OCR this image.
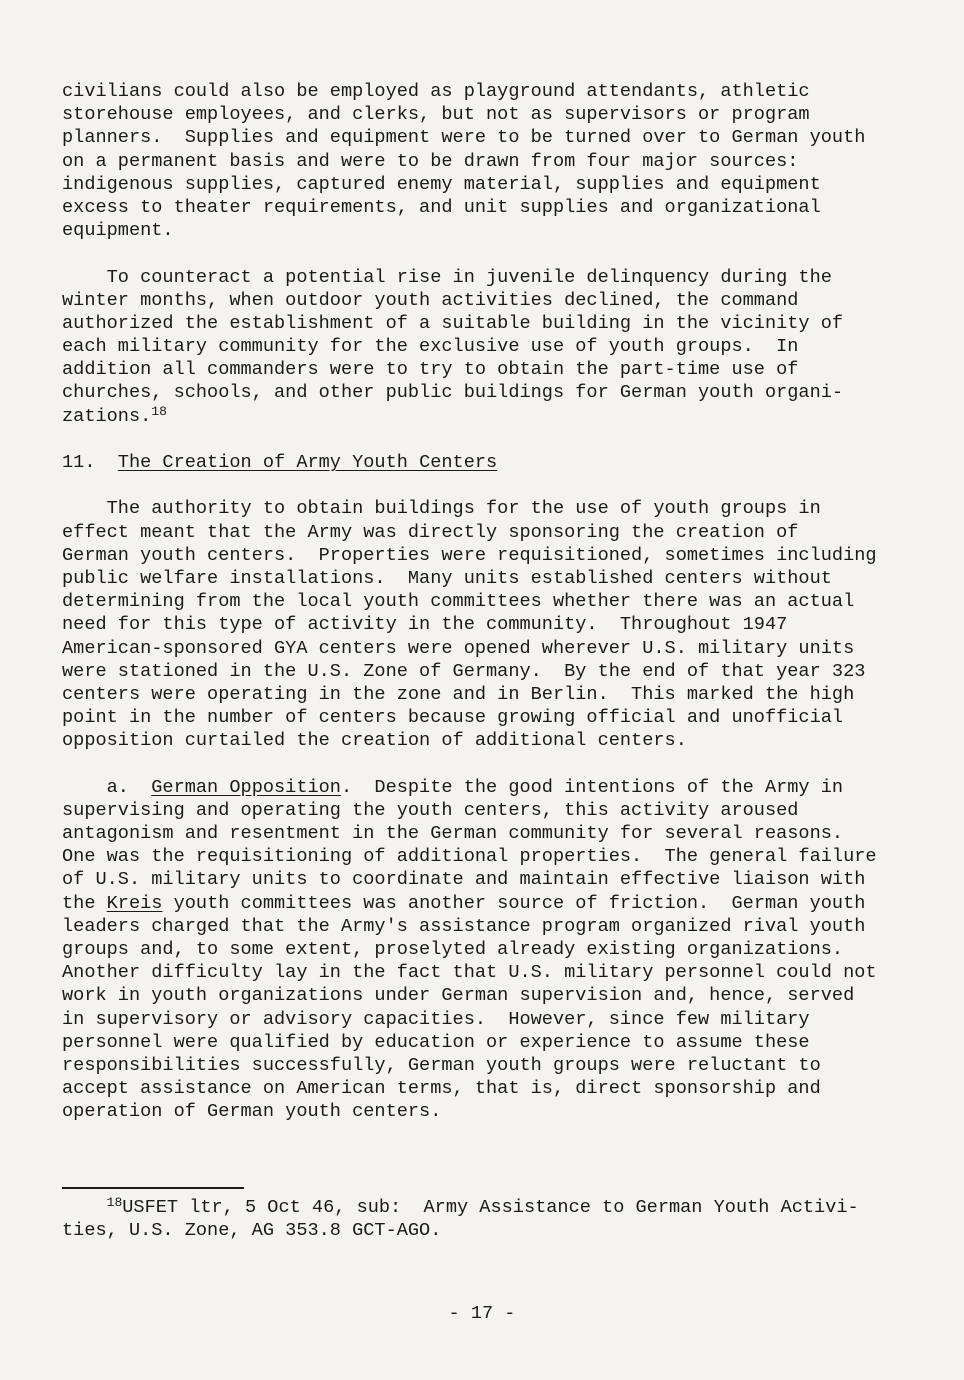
civilians could also be employed as playground attendants, athletic
storehouse employees, and clerks, but not as supervisors or program
planners.  Supplies and equipment were to be turned over to German youth
on a permanent basis and were to be drawn from four major sources:
indigenous supplies, captured enemy material, supplies and equipment
excess to theater requirements, and unit supplies and organizational
equipment.
To counteract a potential rise in juvenile delinquency during the
winter months, when outdoor youth activities declined, the command
authorized the establishment of a suitable building in the vicinity of
each military community for the exclusive use of youth groups.  In
addition all commanders were to try to obtain the part-time use of
churches, schools, and other public buildings for German youth organi-
zations.$^{18}$
11.  The Creation of Army Youth Centers
The authority to obtain buildings for the use of youth groups in
effect meant that the Army was directly sponsoring the creation of
German youth centers.  Properties were requisitioned, sometimes including
public welfare installations.  Many units established centers without
determining from the local youth committees whether there was an actual
need for this type of activity in the community.  Throughout 1947
American-sponsored GYA centers were opened wherever U.S. military units
were stationed in the U.S. Zone of Germany.  By the end of that year 323
centers were operating in the zone and in Berlin.  This marked the high
point in the number of centers because growing official and unofficial
opposition curtailed the creation of additional centers.
a.  German Opposition.  Despite the good intentions of the Army in
supervising and operating the youth centers, this activity aroused
antagonism and resentment in the German community for several reasons.
One was the requisitioning of additional properties.  The general failure
of U.S. military units to coordinate and maintain effective liaison with
the Kreis youth committees was another source of friction.  German youth
leaders charged that the Army's assistance program organized rival youth
groups and, to some extent, proselyted already existing organizations.
Another difficulty lay in the fact that U.S. military personnel could not
work in youth organizations under German supervision and, hence, served
in supervisory or advisory capacities.  However, since few military
personnel were qualified by education or experience to assume these
responsibilities successfully, German youth groups were reluctant to
accept assistance on American terms, that is, direct sponsorship and
operation of German youth centers.
$^{18}$USFET ltr, 5 Oct 46, sub:  Army Assistance to German Youth Activi-
ties, U.S. Zone, AG 353.8 GCT-AGO.
- 17 -
